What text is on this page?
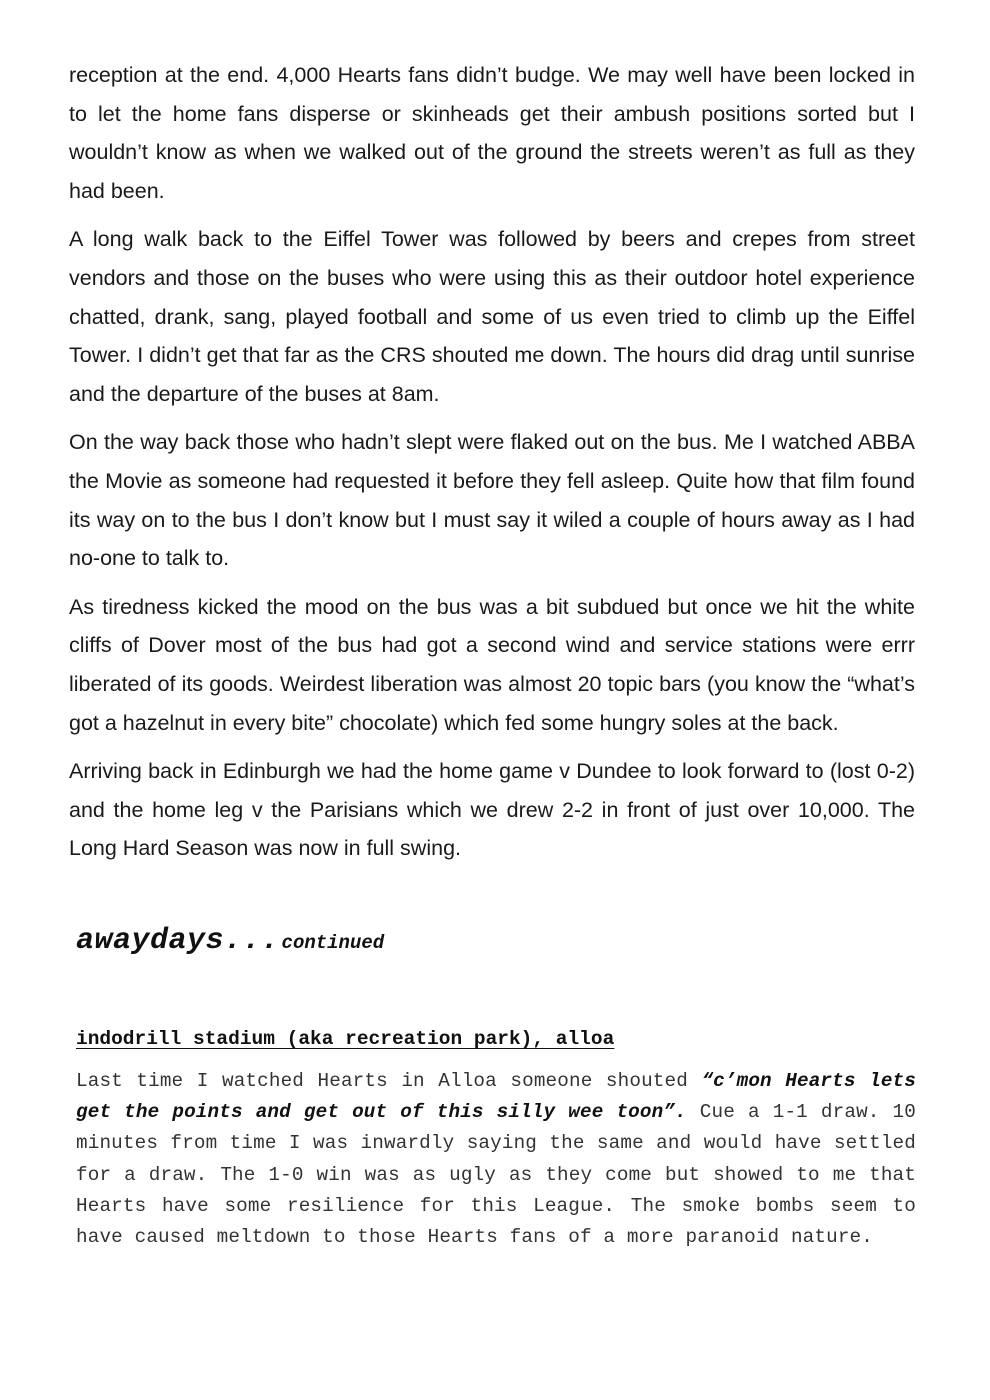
reception at the end. 4,000 Hearts fans didn’t budge. We may well have been locked in to let the home fans disperse or skinheads get their ambush positions sorted but I wouldn’t know as when we walked out of the ground the streets weren’t as full as they had been.

A long walk back to the Eiffel Tower was followed by beers and crepes from street vendors and those on the buses who were using this as their outdoor hotel experience chatted, drank, sang, played football and some of us even tried to climb up the Eiffel Tower. I didn’t get that far as the CRS shouted me down. The hours did drag until sunrise and the departure of the buses at 8am.

On the way back those who hadn’t slept were flaked out on the bus. Me I watched ABBA the Movie as someone had requested it before they fell asleep. Quite how that film found its way on to the bus I don’t know but I must say it wiled a couple of hours away as I had no-one to talk to.

As tiredness kicked the mood on the bus was a bit subdued but once we hit the white cliffs of Dover most of the bus had got a second wind and service stations were errr liberated of its goods. Weirdest liberation was almost 20 topic bars (you know the “what’s got a hazelnut in every bite” chocolate) which fed some hungry soles at the back.

Arriving back in Edinburgh we had the home game v Dundee to look forward to (lost 0-2) and the home leg v the Parisians which we drew 2-2 in front of just over 10,000. The Long Hard Season was now in full swing.

awaydays... continued
indodrill stadium (aka recreation park), alloa

Last time I watched Hearts in Alloa someone shouted “c’mon Hearts lets get the points and get out of this silly wee toon”. Cue a 1-1 draw. 10 minutes from time I was inwardly saying the same and would have settled for a draw. The 1-0 win was as ugly as they come but showed to me that Hearts have some resilience for this League. The smoke bombs seem to have caused meltdown to those Hearts fans of a more paranoid nature.
